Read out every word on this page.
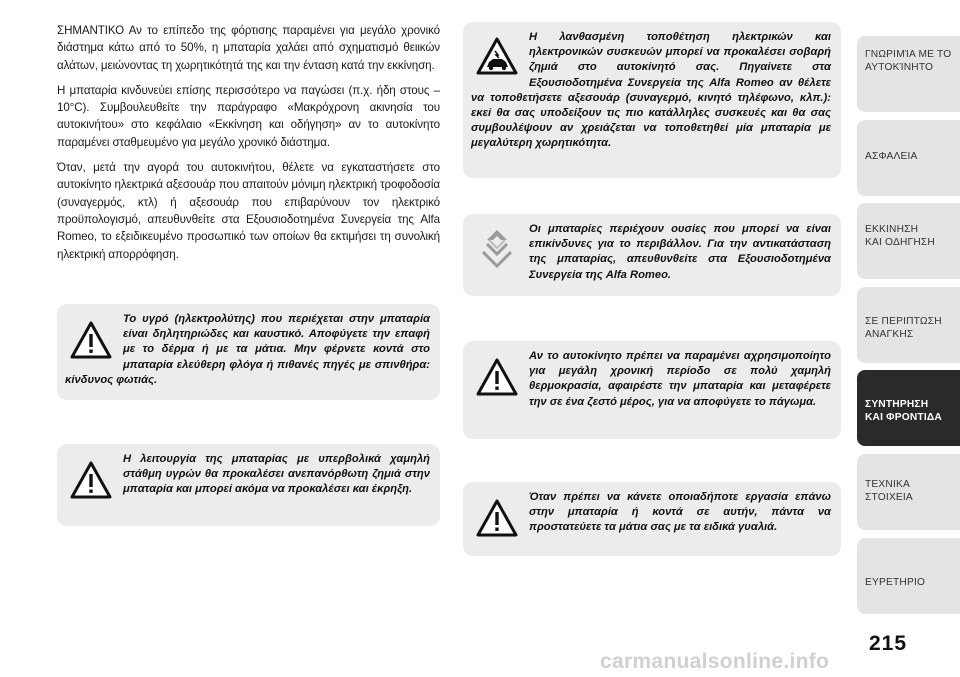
ΣΗΜΑΝΤΙΚΟ Αν το επίπεδο της φόρτισης παραμένει για μεγάλο χρονικό διάστημα κάτω από το 50%, η μπαταρία χαλάει από σχηματισμό θειικών αλάτων, μειώνοντας τη χωρητικότητά της και την ένταση κατά την εκκίνηση.

Η μπαταρία κινδυνεύει επίσης περισσότερο να παγώσει (π.χ. ήδη στους –10°C). Συμβουλευθείτε την παράγραφο «Μακρόχρονη ακινησία του αυτοκινήτου» στο κεφάλαιο «Εκκίνηση και οδήγηση» αν το αυτοκίνητο παραμένει σταθμευμένο για μεγάλο χρονικό διάστημα.

Όταν, μετά την αγορά του αυτοκινήτου, θέλετε να εγκαταστήσετε στο αυτοκίνητο ηλεκτρικά αξεσουάρ που απαιτούν μόνιμη ηλεκτρική τροφοδοσία (συναγερμός, κτλ) ή αξεσουάρ που επιβαρύνουν τον ηλεκτρικό προϋπολογισμό, απευθυνθείτε στα Εξουσιοδοτημένα Συνεργεία της Alfa Romeo, το εξειδικευμένο προσωπικό των οποίων θα εκτιμήσει τη συνολική ηλεκτρική απορρόφηση.

Το υγρό (ηλεκτρολύτης) που περιέχεται στην μπαταρία είναι δηλητηριώδες και καυστικό. Αποφύγετε την επαφή με το δέρμα ή με τα μάτια. Μην φέρνετε κοντά στο μπαταρία ελεύθερη φλόγα ή πιθανές πηγές με σπινθήρα: κίνδυνος φωτιάς.
Η λειτουργία της μπαταρίας με υπερβολικά χαμηλή στάθμη υγρών θα προκαλέσει ανεπανόρθωτη ζημιά στην μπαταρία και μπορεί ακόμα να προκαλέσει και έκρηξη.
Η λανθασμένη τοποθέτηση ηλεκτρικών και ηλεκτρονικών συσκευών μπορεί να προκαλέσει σοβαρή ζημιά στο αυτοκίνητό σας. Πηγαίνετε στα Εξουσιοδοτημένα Συνεργεία της Alfa Romeo αν θέλετε να τοποθετήσετε αξεσουάρ (συναγερμό, κινητό τηλέφωνο, κλπ.): εκεί θα σας υποδείξουν τις πιο κατάλληλες συσκευές και θα σας συμβουλέψουν αν χρειάζεται να τοποθετηθεί μία μπαταρία με μεγαλύτερη χωρητικότητα.
Οι μπαταρίες περιέχουν ουσίες που μπορεί να είναι επικίνδυνες για το περιβάλλον. Για την αντικατάσταση της μπαταρίας, απευθυνθείτε στα Εξουσιοδοτημένα Συνεργεία της Alfa Romeo.
Αν το αυτοκίνητο πρέπει να παραμένει αχρησιμοποίητο για μεγάλη χρονική περίοδο σε πολύ χαμηλή θερμοκρασία, αφαιρέστε την μπαταρία και μεταφέρετε την σε ένα ζεστό μέρος, για να αποφύγετε το πάγωμα.
Όταν πρέπει να κάνετε οποιαδήποτε εργασία επάνω στην μπαταρία ή κοντά σε αυτήν, πάντα να προστατεύετε τα μάτια σας με τα ειδικά γυαλιά.
ΓΝΩΡΙΜΊΑ ΜΕ ΤΟ
ΑΥΤΟΚΊΝΗΤΟ
ΑΣΦΑΛΕΙΑ
ΕΚΚΙΝΗΣΗ
ΚΑΙ ΟΔΗΓΗΣΗ
ΣΕ ΠΕΡΙΠΤΩΣΗ
ΑΝΑΓΚΗΣ
ΣΥΝΤΗΡΗΣΗ
ΚΑΙ ΦΡΟΝΤΙΔΑ
ΤΕΧΝΙΚΑ
ΣΤΟΙΧΕΙΑ
ΕΥΡΕΤΗΡΙΟ
215
carmanualsonline.info
